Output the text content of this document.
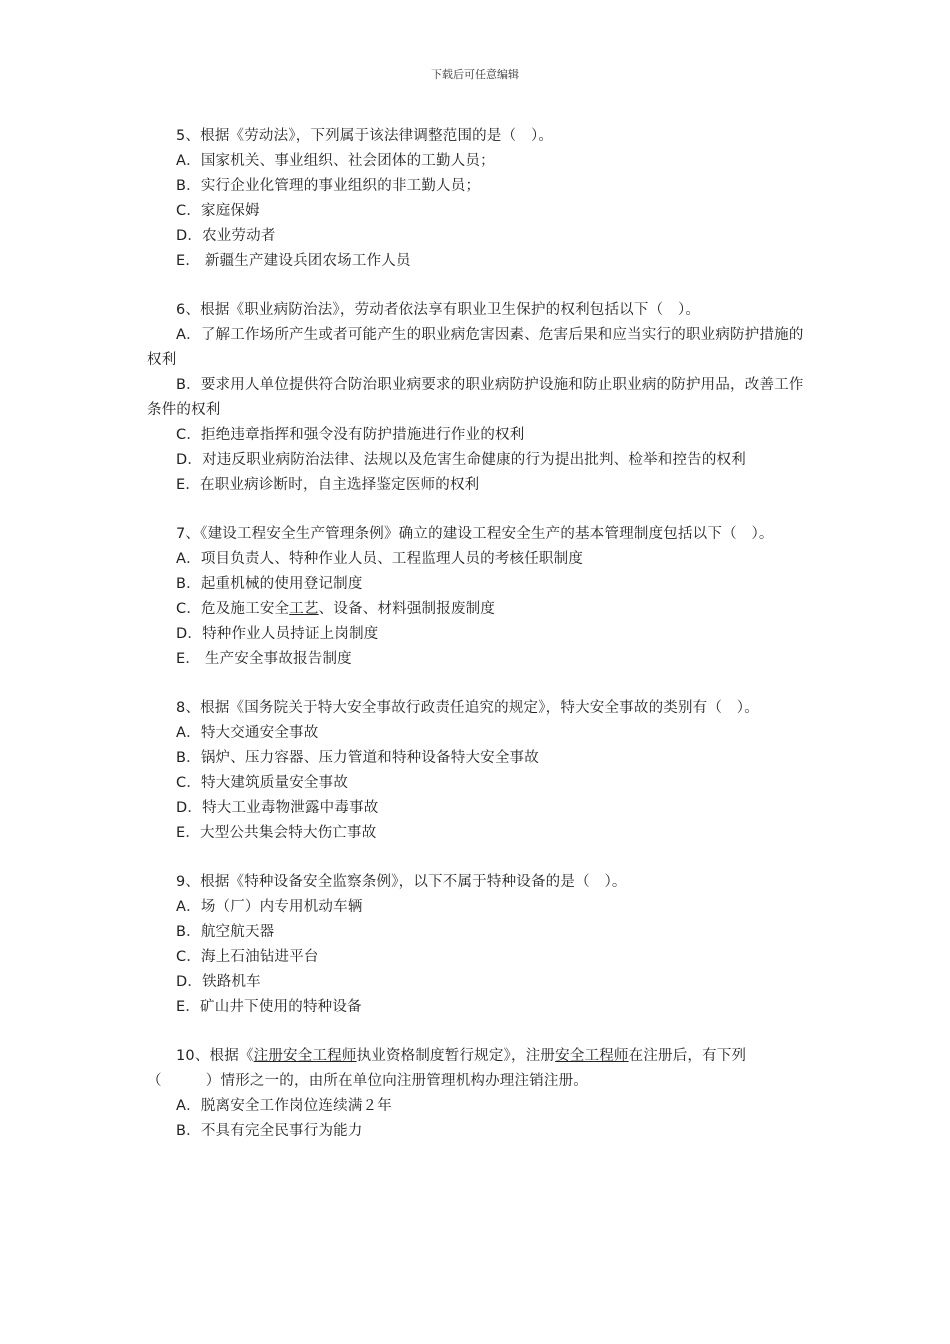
下载后可任意编辑

5、根据《劳动法》，下列属于该法律调整范围的是（　）。

A．国家机关、事业组织、社会团体的工勤人员；

B．实行企业化管理的事业组织的非工勤人员；

C．家庭保姆

D．农业劳动者

E． 新疆生产建设兵团农场工作人员

6、根据《职业病防治法》，劳动者依法享有职业卫生保护的权利包括以下（　）。

A．了解工作场所产生或者可能产生的职业病危害因素、危害后果和应当实行的职业病防护措施的权利

B．要求用人单位提供符合防治职业病要求的职业病防护设施和防止职业病的防护用品，改善工作条件的权利

C．拒绝违章指挥和强令没有防护措施进行作业的权利

D．对违反职业病防治法律、法规以及危害生命健康的行为提出批判、检举和控告的权利

E．在职业病诊断时，自主选择鉴定医师的权利

7、《建设工程安全生产管理条例》确立的建设工程安全生产的基本管理制度包括以下（　）。

A．项目负责人、特种作业人员、工程监理人员的考核任职制度

B．起重机械的使用登记制度

C．危及施工安全工艺、设备、材料强制报废制度

D．特种作业人员持证上岗制度

E． 生产安全事故报告制度

8、根据《国务院关于特大安全事故行政责任追究的规定》，特大安全事故的类别有（　）。

A．特大交通安全事故

B．锅炉、压力容器、压力管道和特种设备特大安全事故

C．特大建筑质量安全事故

D．特大工业毒物泄露中毒事故

E．大型公共集会特大伤亡事故

9、根据《特种设备安全监察条例》，以下不属于特种设备的是（　）。

A．场（厂）内专用机动车辆

B．航空航天器

C．海上石油钻进平台

D．铁路机车

E．矿山井下使用的特种设备

10、根据《注册安全工程师执业资格制度暂行规定》，注册安全工程师在注册后，有下列（　　　）情形之一的，由所在单位向注册管理机构办理注销注册。

A．脱离安全工作岗位连续满２年

B．不具有完全民事行为能力
